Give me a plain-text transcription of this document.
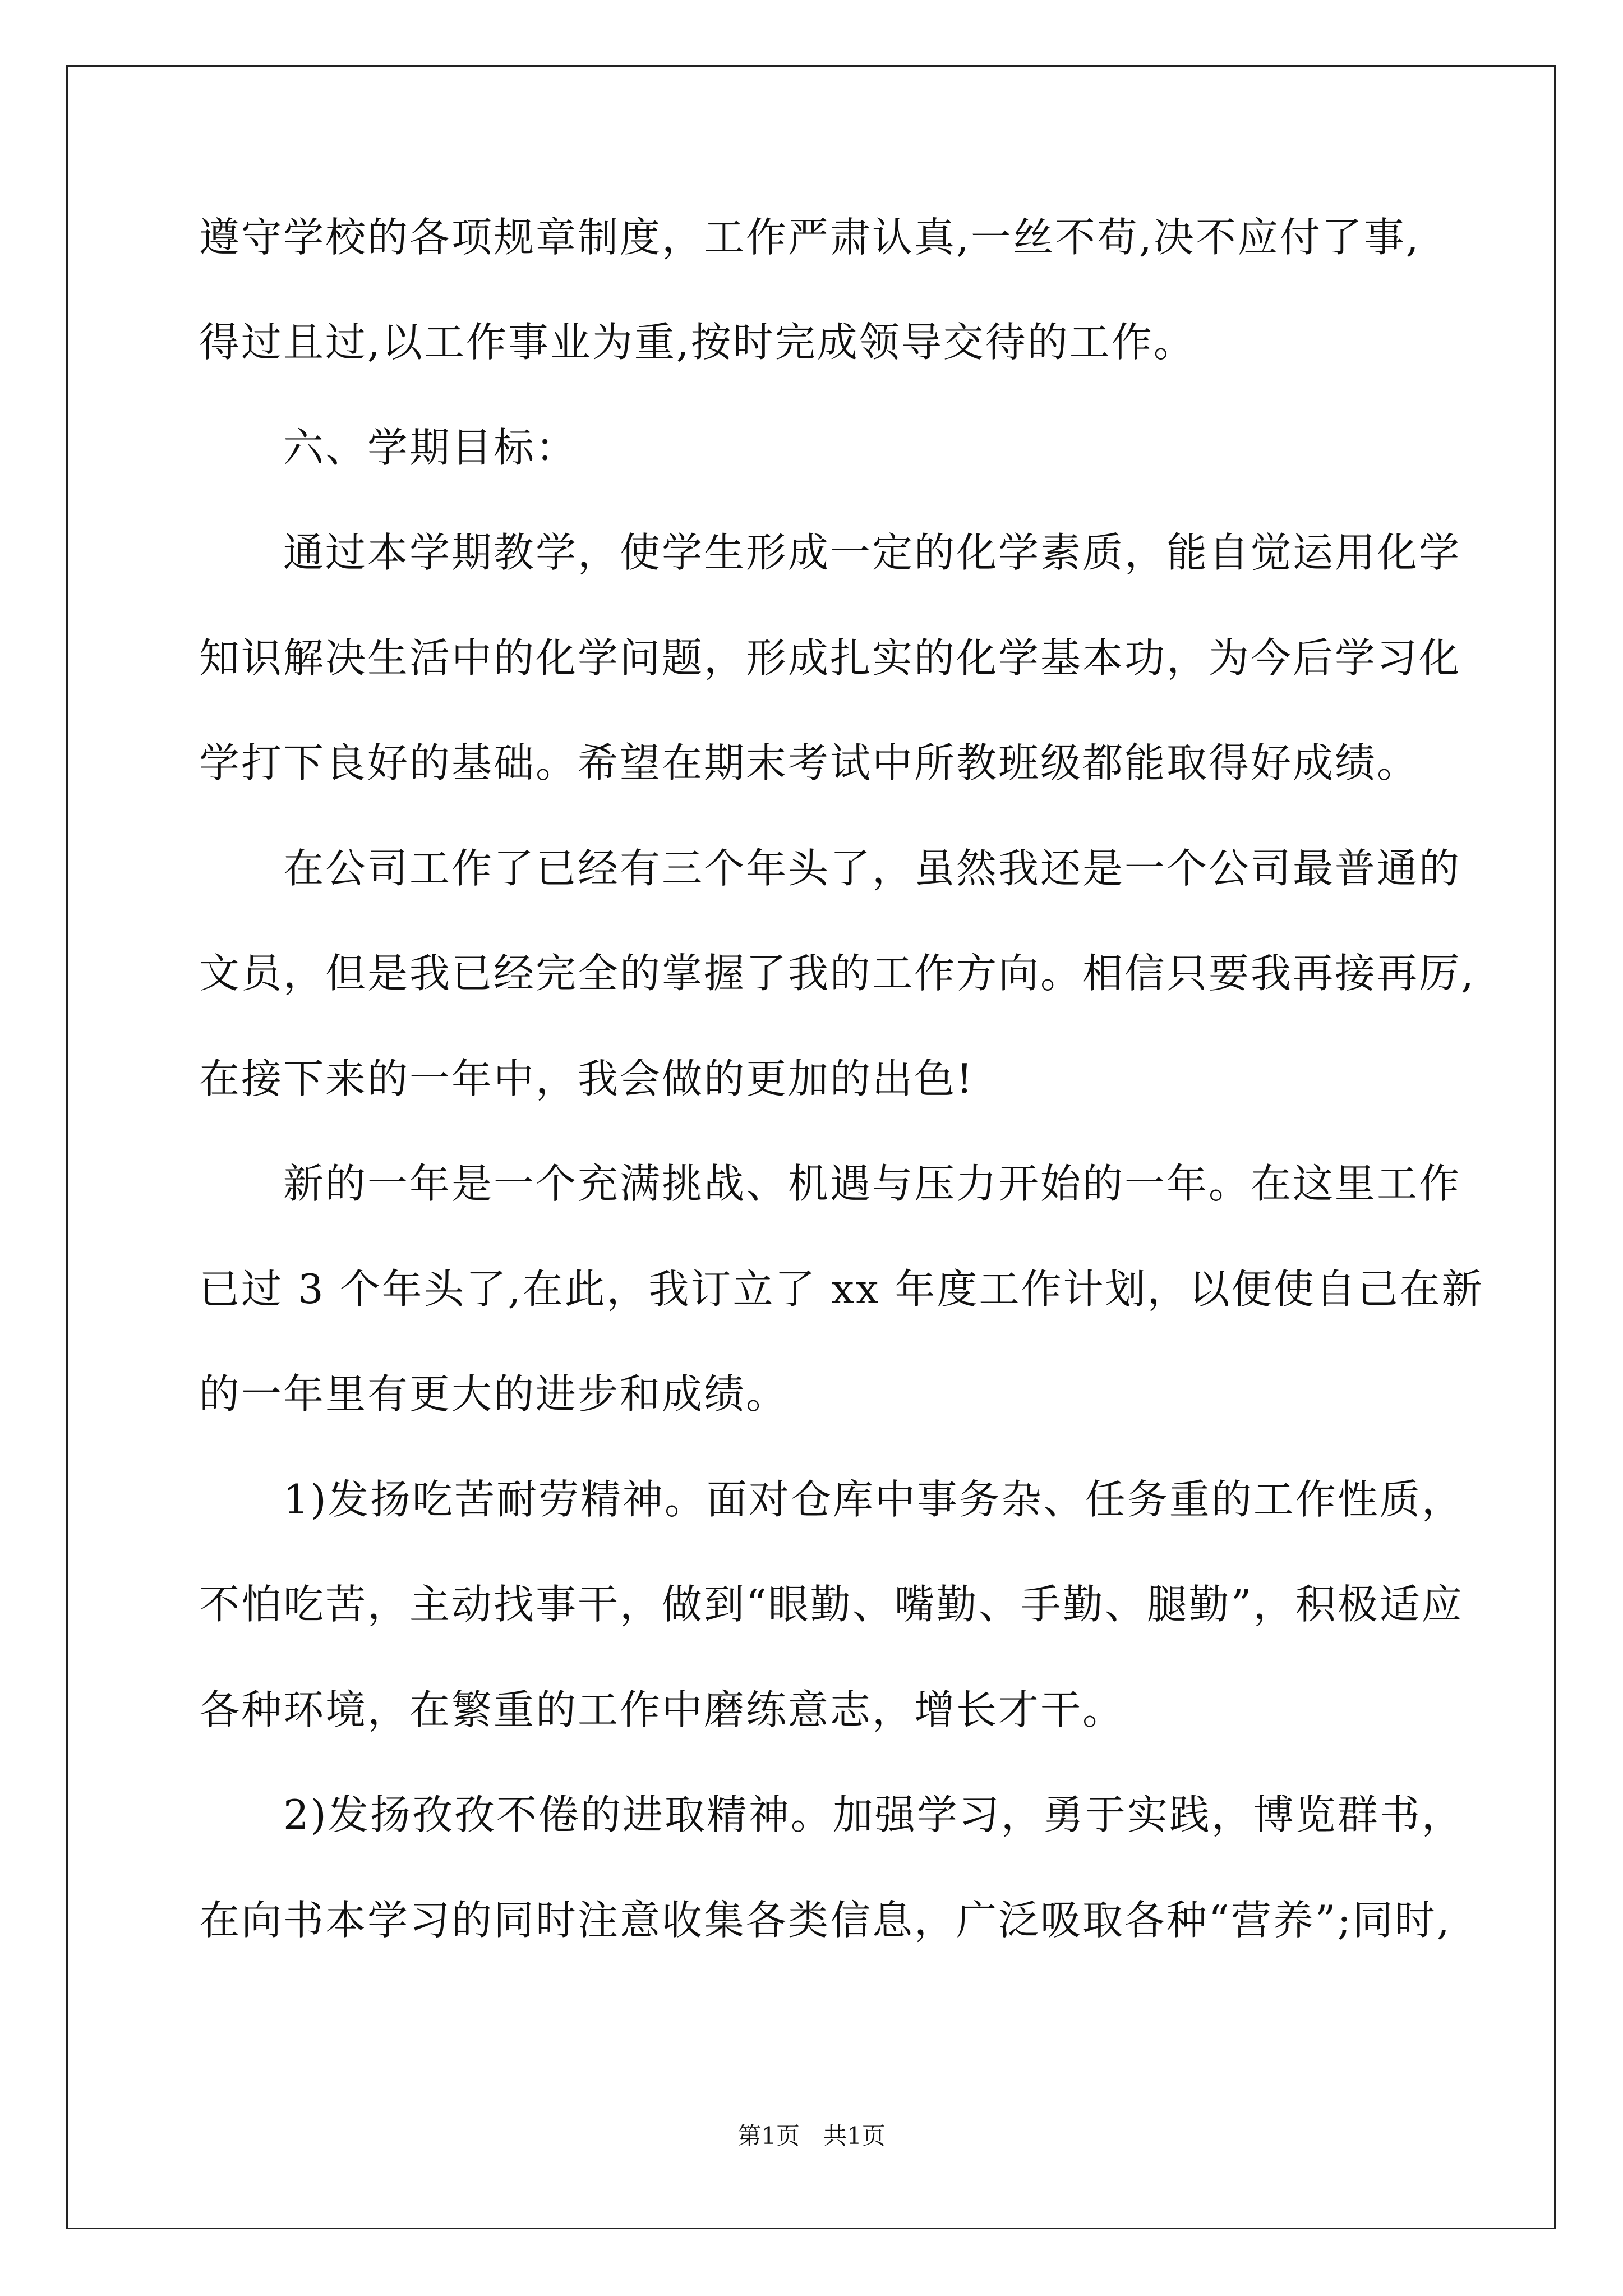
遵守学校的各项规章制度，工作严肃认真,一丝不苟,决不应付了事,
得过且过,以工作事业为重,按时完成领导交待的工作。
　　六、学期目标：
　　通过本学期教学，使学生形成一定的化学素质，能自觉运用化学
知识解决生活中的化学问题，形成扎实的化学基本功，为今后学习化
学打下良好的基础。希望在期末考试中所教班级都能取得好成绩。
　　在公司工作了已经有三个年头了，虽然我还是一个公司最普通的
文员，但是我已经完全的掌握了我的工作方向。相信只要我再接再厉,
在接下来的一年中，我会做的更加的出色!
　　新的一年是一个充满挑战、机遇与压力开始的一年。在这里工作
已过 3 个年头了,在此，我订立了 xx 年度工作计划，以便使自己在新
的一年里有更大的进步和成绩。
　　1)发扬吃苦耐劳精神。面对仓库中事务杂、任务重的工作性质，
不怕吃苦，主动找事干，做到“眼勤、嘴勤、手勤、腿勤”，积极适应
各种环境，在繁重的工作中磨练意志，增长才干。
　　2)发扬孜孜不倦的进取精神。加强学习，勇于实践，博览群书，
在向书本学习的同时注意收集各类信息，广泛吸取各种“营养”;同时,
第1页　共1页
